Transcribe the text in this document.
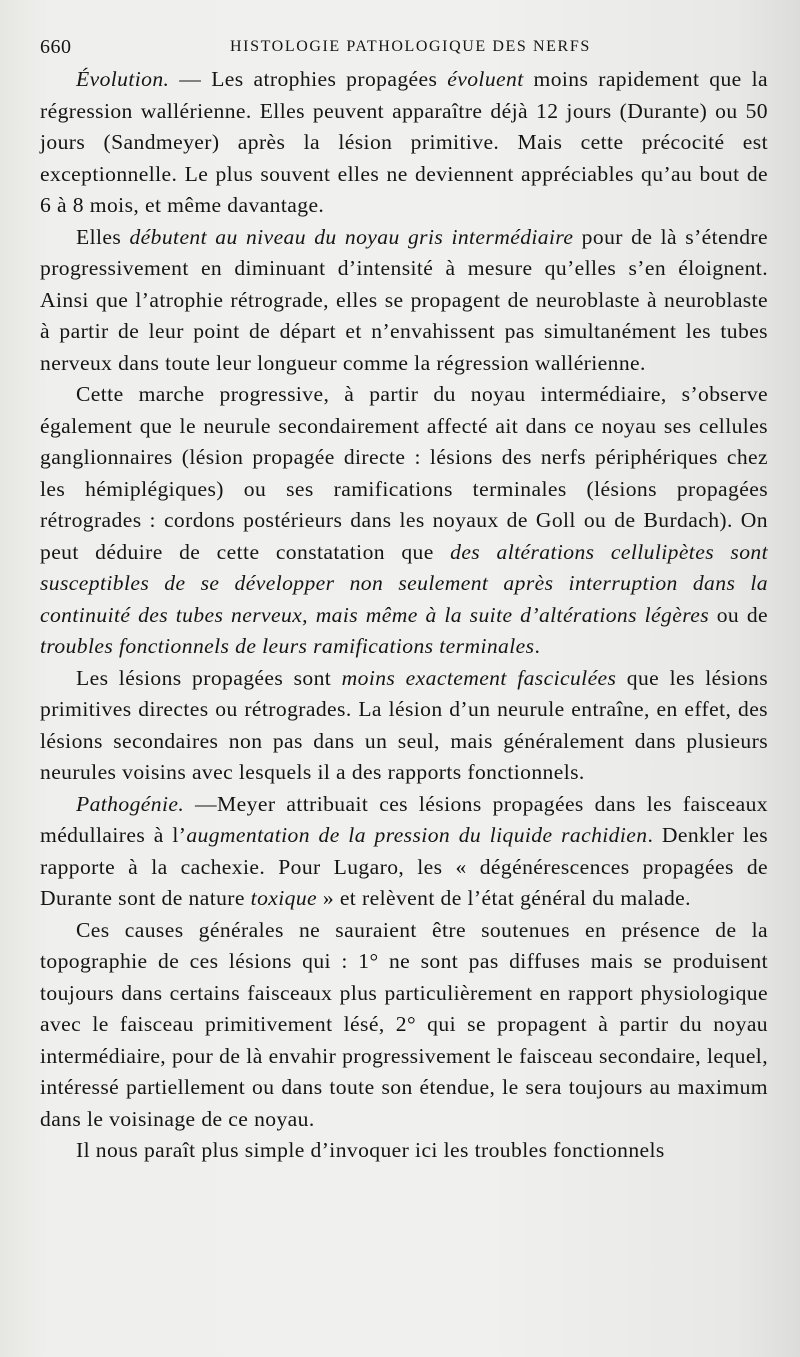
660	HISTOLOGIE PATHOLOGIQUE DES NERFS

Évolution. — Les atrophies propagées évoluent moins rapidement que la régression wallérienne. Elles peuvent apparaître déjà 12 jours (Durante) ou 50 jours (Sandmeyer) après la lésion primitive. Mais cette précocité est exceptionnelle. Le plus souvent elles ne deviennent appréciables qu’au bout de 6 à 8 mois, et même davantage.

Elles débutent au niveau du noyau gris intermédiaire pour de là s’étendre progressivement en diminuant d’intensité à mesure qu’elles s’en éloignent. Ainsi que l’atrophie rétrograde, elles se propagent de neuroblaste à neuroblaste à partir de leur point de départ et n’envahissent pas simultanément les tubes nerveux dans toute leur longueur comme la régression wallérienne.

Cette marche progressive, à partir du noyau intermédiaire, s’observe également que le neurule secondairement affecté ait dans ce noyau ses cellules ganglionnaires (lésion propagée directe : lésions des nerfs périphériques chez les hémiplégiques) ou ses ramifications terminales (lésions propagées rétrogrades : cordons postérieurs dans les noyaux de Goll ou de Burdach). On peut déduire de cette constatation que des altérations cellulipètes sont susceptibles de se développer non seulement après interruption dans la continuité des tubes nerveux, mais même à la suite d’altérations légères ou de troubles fonctionnels de leurs ramifications terminales.

Les lésions propagées sont moins exactement fasciculées que les lésions primitives directes ou rétrogrades. La lésion d’un neurule entraîne, en effet, des lésions secondaires non pas dans un seul, mais généralement dans plusieurs neurules voisins avec lesquels il a des rapports fonctionnels.

Pathogénie. —Meyer attribuait ces lésions propagées dans les faisceaux médullaires à l’augmentation de la pression du liquide rachidien. Denkler les rapporte à la cachexie. Pour Lugaro, les « dégénérescences propagées de Durante sont de nature toxique » et relèvent de l’état général du malade.

Ces causes générales ne sauraient être soutenues en présence de la topographie de ces lésions qui : 1° ne sont pas diffuses mais se produisent toujours dans certains faisceaux plus particulièrement en rapport physiologique avec le faisceau primitivement lésé, 2° qui se propagent à partir du noyau intermédiaire, pour de là envahir progressivement le faisceau secondaire, lequel, intéressé partiellement ou dans toute son étendue, le sera toujours au maximum dans le voisinage de ce noyau.

Il nous paraît plus simple d’invoquer ici les troubles fonctionnels
